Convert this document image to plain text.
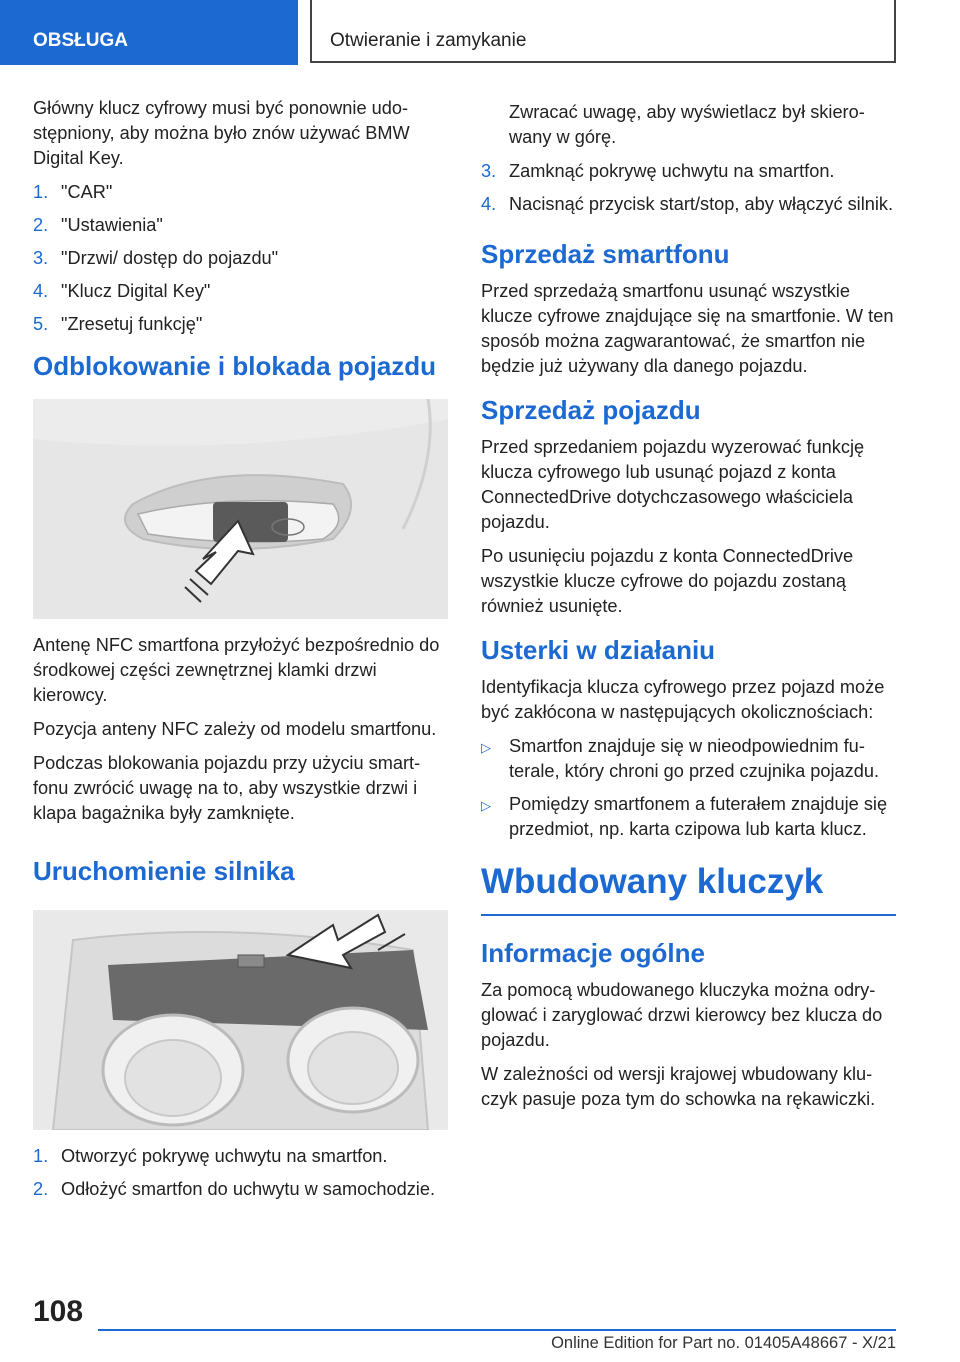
OBSŁUGA	Otwieranie i zamykanie

Główny klucz cyfrowy musi być ponownie udostępniony, aby można było znów używać BMW Digital Key.

1. "CAR"
2. "Ustawienia"
3. "Drzwi/ dostęp do pojazdu"
4. "Klucz Digital Key"
5. "Zresetuj funkcję"
Odblokowanie i blokada pojazdu

Antenę NFC smartfona przyłożyć bezpośrednio do środkowej części zewnętrznej klamki drzwi kierowcy.

Pozycja anteny NFC zależy od modelu smartfonu.

Podczas blokowania pojazdu przy użyciu smartfonu zwrócić uwagę na to, aby wszystkie drzwi i klapa bagażnika były zamknięte.

Uruchomienie silnika
1. Otworzyć pokrywę uchwytu na smartfon.
2. Odłożyć smartfon do uchwytu w samochodzie.

Zwracać uwagę, aby wyświetlacz był skierowany w górę.

3. Zamknąć pokrywę uchwytu na smartfon.
4. Nacisnąć przycisk start/stop, aby włączyć silnik.
Sprzedaż smartfonu

Przed sprzedażą smartfonu usunąć wszystkie klucze cyfrowe znajdujące się na smartfonie. W ten sposób można zagwarantować, że smartfon nie będzie już używany dla danego pojazdu.

Sprzedaż pojazdu

Przed sprzedaniem pojazdu wyzerować funkcję klucza cyfrowego lub usunąć pojazd z konta ConnectedDrive dotychczasowego właściciela pojazdu.

Po usunięciu pojazdu z konta ConnectedDrive wszystkie klucze cyfrowe do pojazdu zostaną również usunięte.

Usterki w działaniu

Identyfikacja klucza cyfrowego przez pojazd może być zakłócona w następujących okolicznościach:

▷ Smartfon znajduje się w nieodpowiednim futerale, który chroni go przed czujnika pojazdu.
▷ Pomiędzy smartfonem a futerałem znajduje się przedmiot, np. karta czipowa lub karta klucz.
Wbudowany kluczyk
Informacje ogólne

Za pomocą wbudowanego kluczyka można odryglować i zaryglować drzwi kierowcy bez klucza do pojazdu.

W zależności od wersji krajowej wbudowany kluczyk pasuje poza tym do schowka na rękawiczki.

108
Online Edition for Part no. 01405A48667 - X/21
